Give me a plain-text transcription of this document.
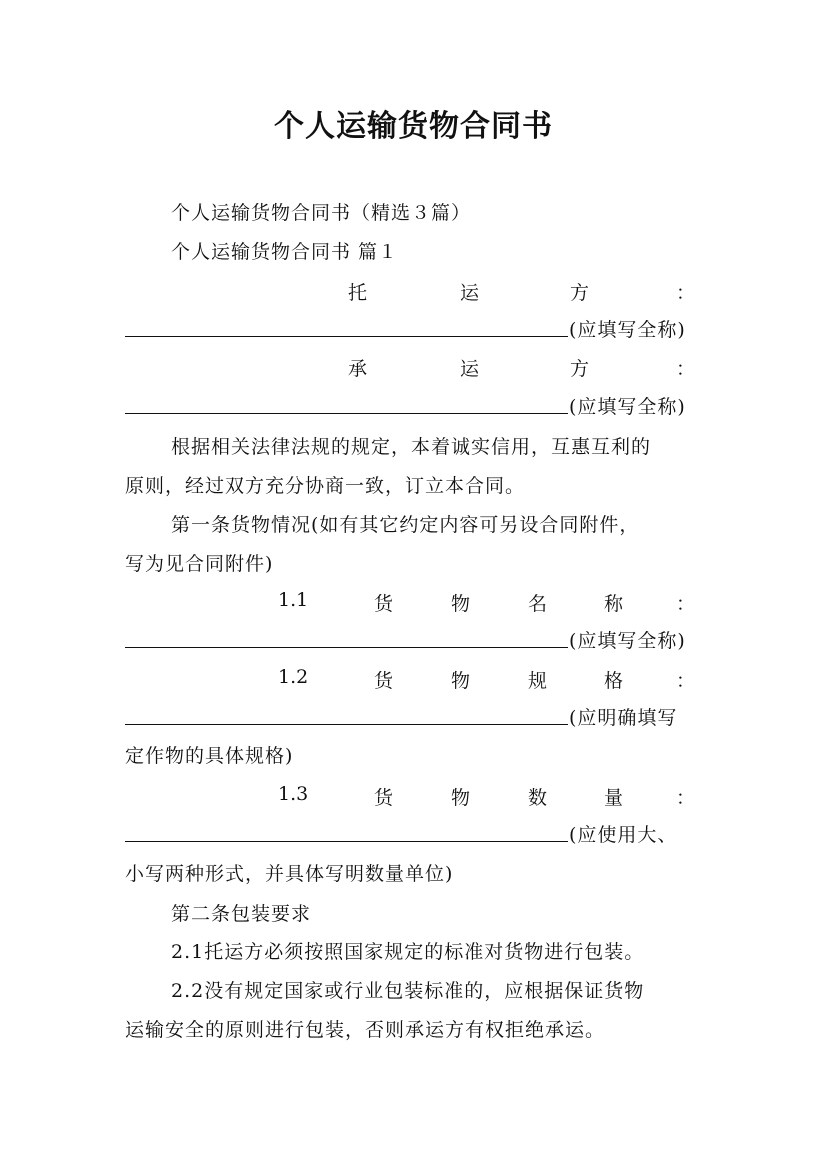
个人运输货物合同书
个人运输货物合同书（精选３篇）
个人运输货物合同书 篇１
托	运	方	：
(应填写全称)
承	运	方	：
(应填写全称)
根据相关法律法规的规定，本着诚实信用，互惠互利的
原则，经过双方充分协商一致，订立本合同。
第一条货物情况(如有其它约定内容可另设合同附件，
写为见合同附件)
1.1	货	物	名	称	：
(应填写全称)
1.2	货	物	规	格	：
(应明确填写
定作物的具体规格)
1.3	货	物	数	量	：
(应使用大、
小写两种形式，并具体写明数量单位)
第二条包装要求
2.1托运方必须按照国家规定的标准对货物进行包装。
2.2没有规定国家或行业包装标准的，应根据保证货物
运输安全的原则进行包装，否则承运方有权拒绝承运。
